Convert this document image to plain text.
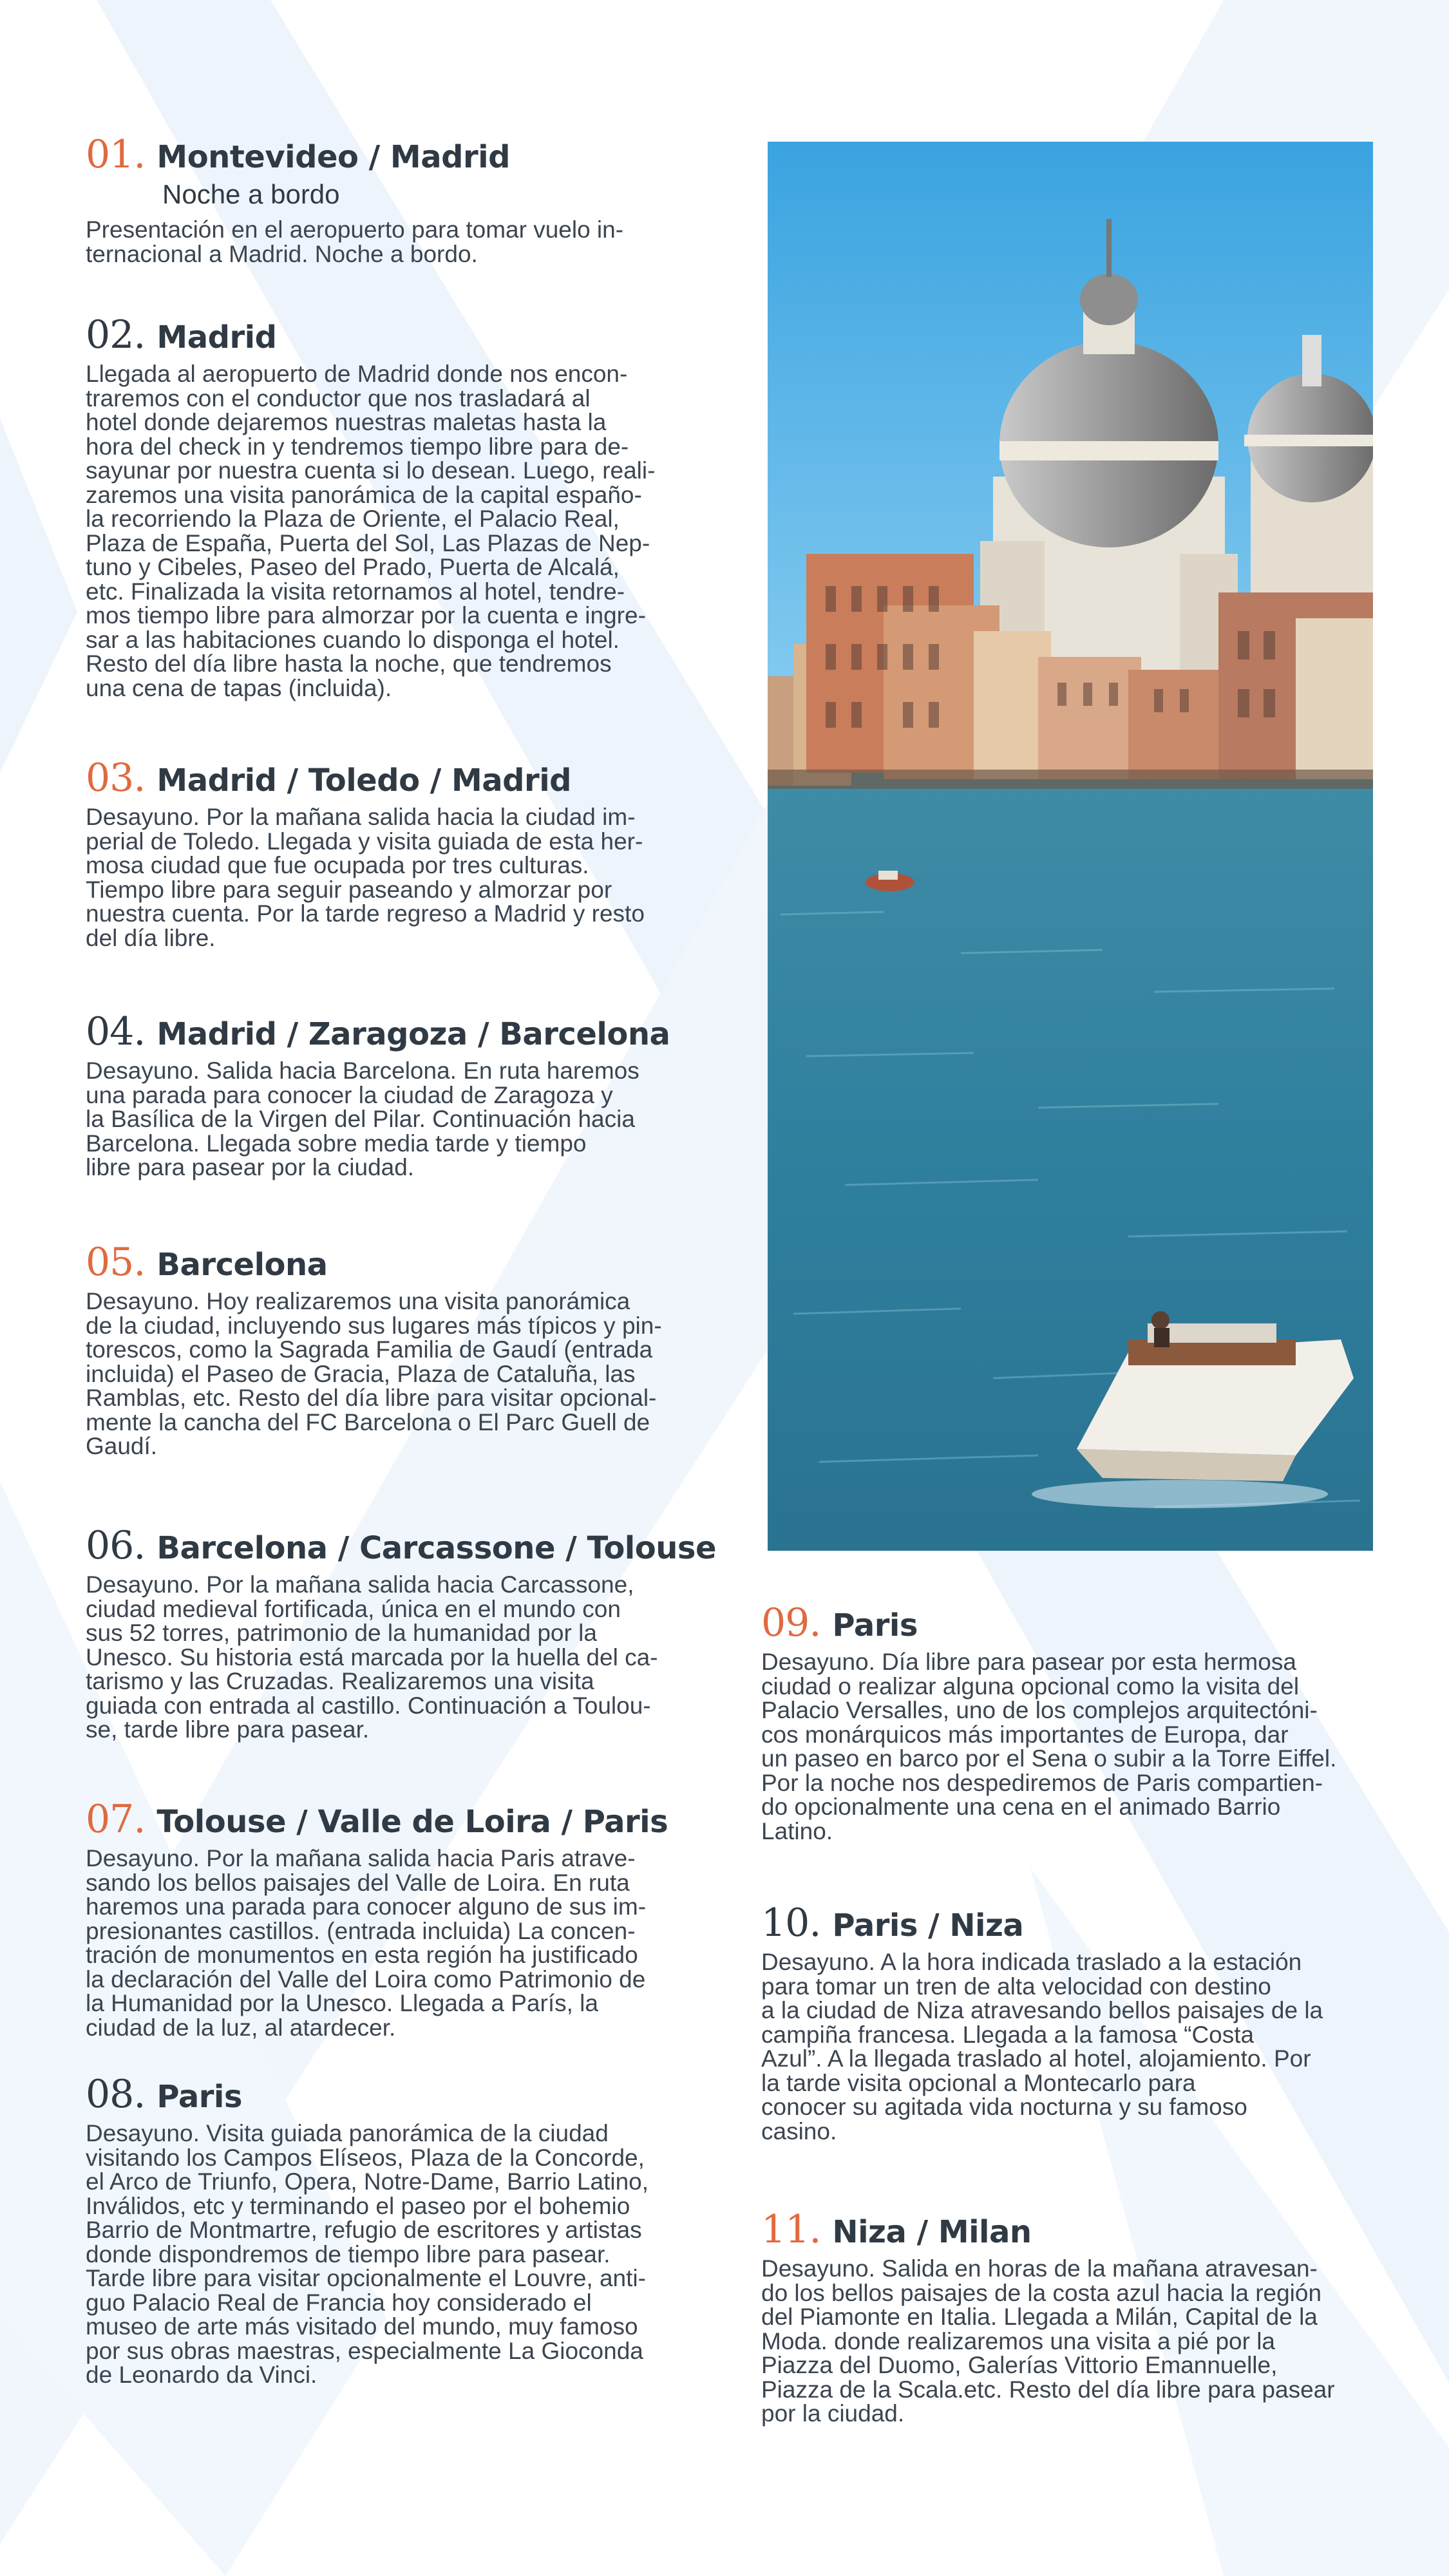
01. Montevideo / Madrid
Noche a bordo
Presentación en el aeropuerto para tomar vuelo in-
ternacional a Madrid. Noche a bordo.
02. Madrid
Llegada al aeropuerto de Madrid donde nos encon-
traremos con el conductor que nos trasladará al
hotel donde dejaremos nuestras maletas hasta la
hora del check in y tendremos tiempo libre para de-
sayunar por nuestra cuenta si lo desean. Luego, reali-
zaremos una visita panorámica de la capital españo-
la recorriendo la Plaza de Oriente, el Palacio Real,
Plaza de España, Puerta del Sol, Las Plazas de Nep-
tuno y Cibeles, Paseo del Prado, Puerta de Alcalá,
etc. Finalizada la visita retornamos al hotel, tendre-
mos tiempo libre para almorzar por la cuenta e ingre-
sar a las habitaciones cuando lo disponga el hotel.
Resto del día libre hasta la noche, que tendremos
una cena de tapas (incluida).
03. Madrid / Toledo / Madrid
Desayuno. Por la mañana salida hacia la ciudad im-
perial de Toledo. Llegada y visita guiada de esta her-
mosa ciudad que fue ocupada por tres culturas.
Tiempo libre para seguir paseando y almorzar por
nuestra cuenta. Por la tarde regreso a Madrid y resto
del día libre.
04. Madrid / Zaragoza / Barcelona
Desayuno. Salida hacia Barcelona. En ruta haremos
una parada para conocer la ciudad de Zaragoza y
la Basílica de la Virgen del Pilar. Continuación hacia
Barcelona. Llegada sobre media tarde y tiempo
libre para pasear por la ciudad.
05. Barcelona
Desayuno. Hoy realizaremos una visita panorámica
de la ciudad, incluyendo sus lugares más típicos y pin-
torescos, como la Sagrada Familia de Gaudí (entrada
incluida) el Paseo de Gracia, Plaza de Cataluña, las
Ramblas, etc. Resto del día libre para visitar opcional-
mente la cancha del FC Barcelona o El Parc Guell de
Gaudí.
06. Barcelona / Carcassone / Tolouse
Desayuno. Por la mañana salida hacia Carcassone,
ciudad medieval fortificada, única en el mundo con
sus 52 torres, patrimonio de la humanidad por la
Unesco. Su historia está marcada por la huella del ca-
tarismo y las Cruzadas. Realizaremos una visita
guiada con entrada al castillo. Continuación a Toulou-
se, tarde libre para pasear.
07. Tolouse / Valle de Loira / Paris
Desayuno. Por la mañana salida hacia Paris atrave-
sando los bellos paisajes del Valle de Loira. En ruta
haremos una parada para conocer alguno de sus im-
presionantes castillos. (entrada incluida) La concen-
tración de monumentos en esta región ha justificado
la declaración del Valle del Loira como Patrimonio de
la Humanidad por la Unesco. Llegada a París, la
ciudad de la luz, al atardecer.
08. Paris
Desayuno. Visita guiada panorámica de la ciudad
visitando los Campos Elíseos, Plaza de la Concorde,
el Arco de Triunfo, Opera, Notre-Dame, Barrio Latino,
Inválidos, etc y terminando el paseo por el bohemio
Barrio de Montmartre, refugio de escritores y artistas
donde dispondremos de tiempo libre para pasear.
Tarde libre para visitar opcionalmente el Louvre, anti-
guo Palacio Real de Francia hoy considerado el
museo de arte más visitado del mundo, muy famoso
por sus obras maestras, especialmente La Gioconda
de Leonardo da Vinci.
09. Paris
Desayuno. Día libre para pasear por esta hermosa
ciudad o realizar alguna opcional como la visita del
Palacio Versalles, uno de los complejos arquitectóni-
cos monárquicos más importantes de Europa, dar
un paseo en barco por el Sena o subir a la Torre Eiffel.
Por la noche nos despediremos de Paris compartien-
do opcionalmente una cena en el animado Barrio
Latino.
10. Paris / Niza
Desayuno. A la hora indicada traslado a la estación
para tomar un tren de alta velocidad con destino
a la ciudad de Niza atravesando bellos paisajes de la
campiña francesa. Llegada a la famosa “Costa
Azul”. A la llegada traslado al hotel, alojamiento. Por
la tarde visita opcional a Montecarlo para
conocer su agitada vida nocturna y su famoso
casino.
11. Niza / Milan
Desayuno. Salida en horas de la mañana atravesan-
do los bellos paisajes de la costa azul hacia la región
del Piamonte en Italia. Llegada a Milán, Capital de la
Moda. donde realizaremos una visita a pié por la
Piazza del Duomo, Galerías Vittorio Emannuelle,
Piazza de la Scala.etc. Resto del día libre para pasear
por la ciudad.
